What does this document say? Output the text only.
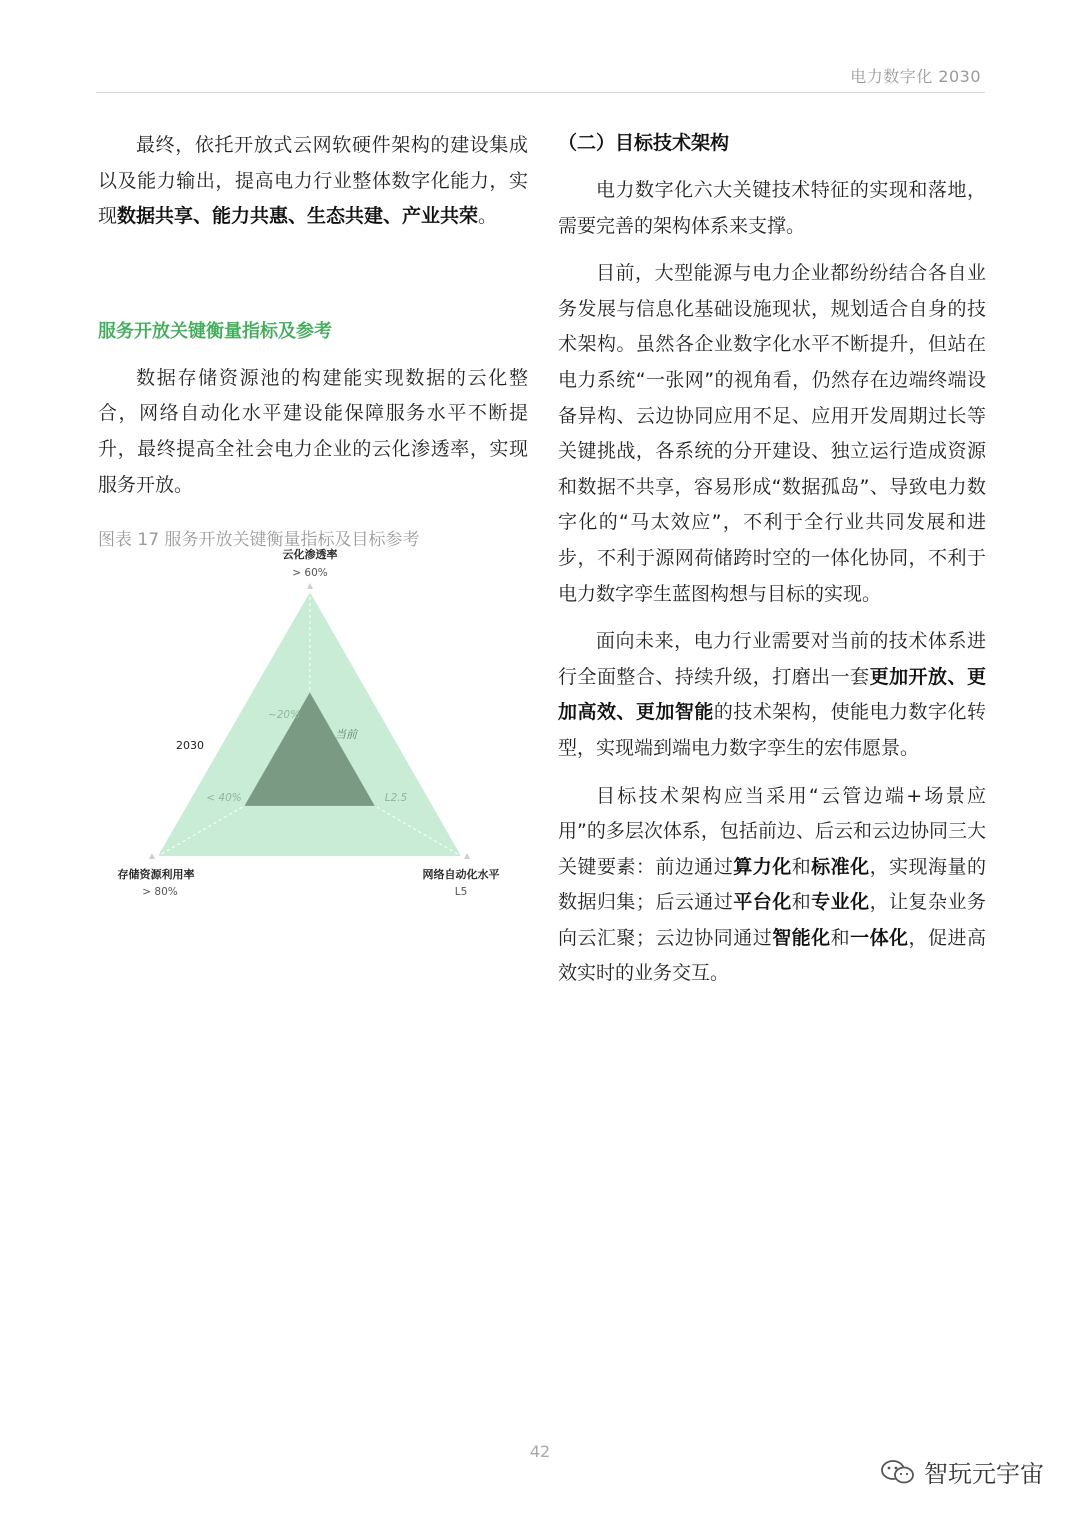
电力数字化 2030

最终，依托开放式云网软硬件架构的建设集成以及能力输出，提高电力行业整体数字化能力，实现数据共享、能力共惠、生态共建、产业共荣。

服务开放关键衡量指标及参考

数据存储资源池的构建能实现数据的云化整合，网络自动化水平建设能保障服务水平不断提升，最终提高全社会电力企业的云化渗透率，实现服务开放。

图表 17 服务开放关键衡量指标及目标参考

云化渗透率
> 60%
存储资源利用率
> 80%
网络自动化水平
L5
~20%
< 40%	L2.5
2030
当前

（二）目标技术架构

电力数字化六大关键技术特征的实现和落地，需要完善的架构体系来支撑。

目前，大型能源与电力企业都纷纷结合各自业务发展与信息化基础设施现状，规划适合自身的技术架构。虽然各企业数字化水平不断提升，但站在电力系统“一张网”的视角看，仍然存在边端终端设备异构、云边协同应用不足、应用开发周期过长等关键挑战，各系统的分开建设、独立运行造成资源和数据不共享，容易形成“数据孤岛”、导致电力数字化的“马太效应”，不利于全行业共同发展和进步，不利于源网荷储跨时空的一体化协同，不利于电力数字孪生蓝图构想与目标的实现。

面向未来，电力行业需要对当前的技术体系进行全面整合、持续升级，打磨出一套更加开放、更加高效、更加智能的技术架构，使能电力数字化转型，实现端到端电力数字孪生的宏伟愿景。

目标技术架构应当采用“云管边端+场景应用”的多层次体系，包括前边、后云和云边协同三大关键要素：前边通过算力化和标准化，实现海量的数据归集；后云通过平台化和专业化，让复杂业务向云汇聚；云边协同通过智能化和一体化，促进高效实时的业务交互。

42
智玩元宇宙
